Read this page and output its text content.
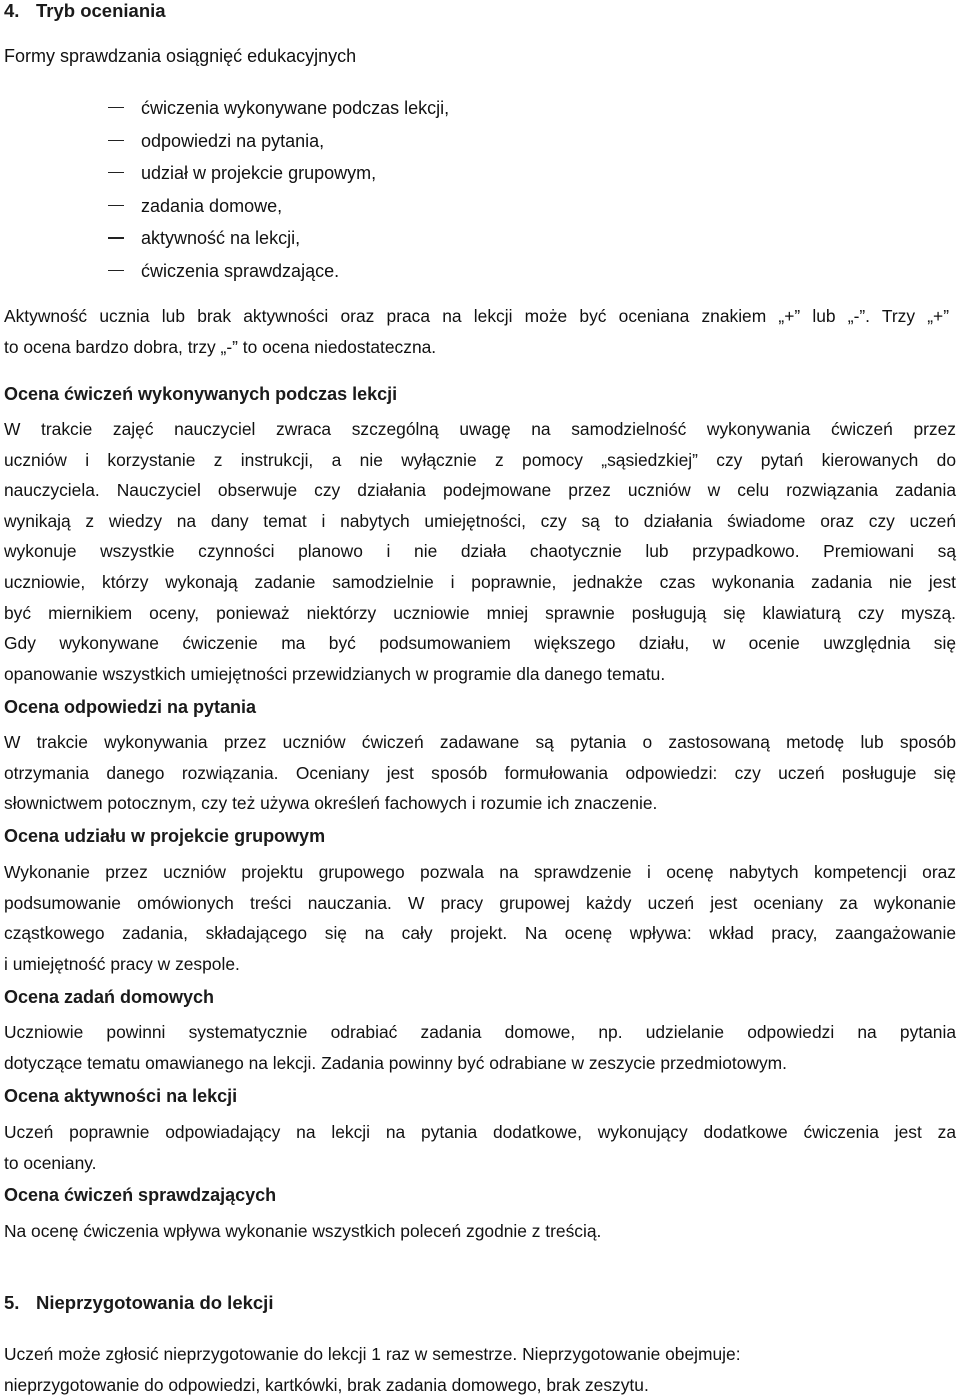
4. Tryb oceniania
Formy sprawdzania osiągnięć edukacyjnych
ćwiczenia wykonywane podczas lekcji,
odpowiedzi na pytania,
udział w projekcie grupowym,
zadania domowe,
aktywność na lekcji,
ćwiczenia sprawdzające.
Aktywność ucznia lub brak aktywności oraz praca na lekcji może być oceniana znakiem „+” lub „-”. Trzy „+”
to ocena bardzo dobra, trzy „-” to ocena niedostateczna.
Ocena ćwiczeń wykonywanych podczas lekcji
W trakcie zajęć nauczyciel zwraca szczególną uwagę na samodzielność wykonywania ćwiczeń przez
uczniów i korzystanie z instrukcji, a nie wyłącznie z pomocy „sąsiedzkiej” czy pytań kierowanych do
nauczyciela. Nauczyciel obserwuje czy działania podejmowane przez uczniów w celu rozwiązania zadania
wynikają z wiedzy na dany temat i nabytych umiejętności, czy są to działania świadome oraz czy uczeń
wykonuje wszystkie czynności planowo i nie działa chaotycznie lub przypadkowo. Premiowani są
uczniowie, którzy wykonają zadanie samodzielnie i poprawnie, jednakże czas wykonania zadania nie jest
być miernikiem oceny, ponieważ niektórzy uczniowie mniej sprawnie posługują się klawiaturą czy myszą.
Gdy wykonywane ćwiczenie ma być podsumowaniem większego działu, w ocenie uwzględnia się
opanowanie wszystkich umiejętności przewidzianych w programie dla danego tematu.
Ocena odpowiedzi na pytania
W trakcie wykonywania przez uczniów ćwiczeń zadawane są pytania o zastosowaną metodę lub sposób
otrzymania danego rozwiązania. Oceniany jest sposób formułowania odpowiedzi: czy uczeń posługuje się
słownictwem potocznym, czy też używa określeń fachowych i rozumie ich znaczenie.
Ocena udziału w projekcie grupowym
Wykonanie przez uczniów projektu grupowego pozwala na sprawdzenie i ocenę nabytych kompetencji oraz
podsumowanie omówionych treści nauczania. W pracy grupowej każdy uczeń jest oceniany za wykonanie
cząstkowego zadania, składającego się na cały projekt. Na ocenę wpływa: wkład pracy, zaangażowanie
i umiejętność pracy w zespole.
Ocena zadań domowych
Uczniowie powinni systematycznie odrabiać zadania domowe, np. udzielanie odpowiedzi na pytania
dotyczące tematu omawianego na lekcji. Zadania powinny być odrabiane w zeszycie przedmiotowym.
Ocena aktywności na lekcji
Uczeń poprawnie odpowiadający na lekcji na pytania dodatkowe, wykonujący dodatkowe ćwiczenia jest za
to oceniany.
Ocena ćwiczeń sprawdzających
Na ocenę ćwiczenia wpływa wykonanie wszystkich poleceń zgodnie z treścią.
5. Nieprzygotowania do lekcji
Uczeń może zgłosić nieprzygotowanie do lekcji 1 raz w semestrze. Nieprzygotowanie obejmuje:
nieprzygotowanie do odpowiedzi, kartkówki, brak zadania domowego, brak zeszytu.
